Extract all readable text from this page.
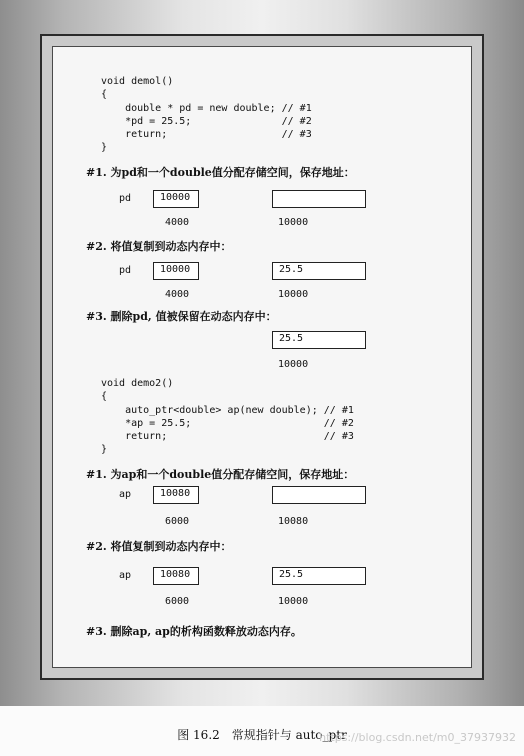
void demol()
{
double * pd = new double; // #1
*pd = 25.5;               // #2
return;                   // #3
}
#1. 为pd和一个double值分配存储空间，保存地址：
pd	10000
4000	10000
#2. 将值复制到动态内存中：
pd	10000	25.5
4000	10000
#3. 删除pd, 值被保留在动态内存中：
25.5
10000
void demo2()
{
auto_ptr<double> ap(new double); // #1
*ap = 25.5;                      // #2
return;                          // #3
}
#1. 为ap和一个double值分配存储空间，保存地址：
ap	10080
6000	10080
#2. 将值复制到动态内存中：
ap	10080	25.5
6000	10000
#3. 删除ap, ap的析构函数释放动态内存。
图 16.2　常规指针与 auto_ptr
https://blog.csdn.net/m0_37937932
